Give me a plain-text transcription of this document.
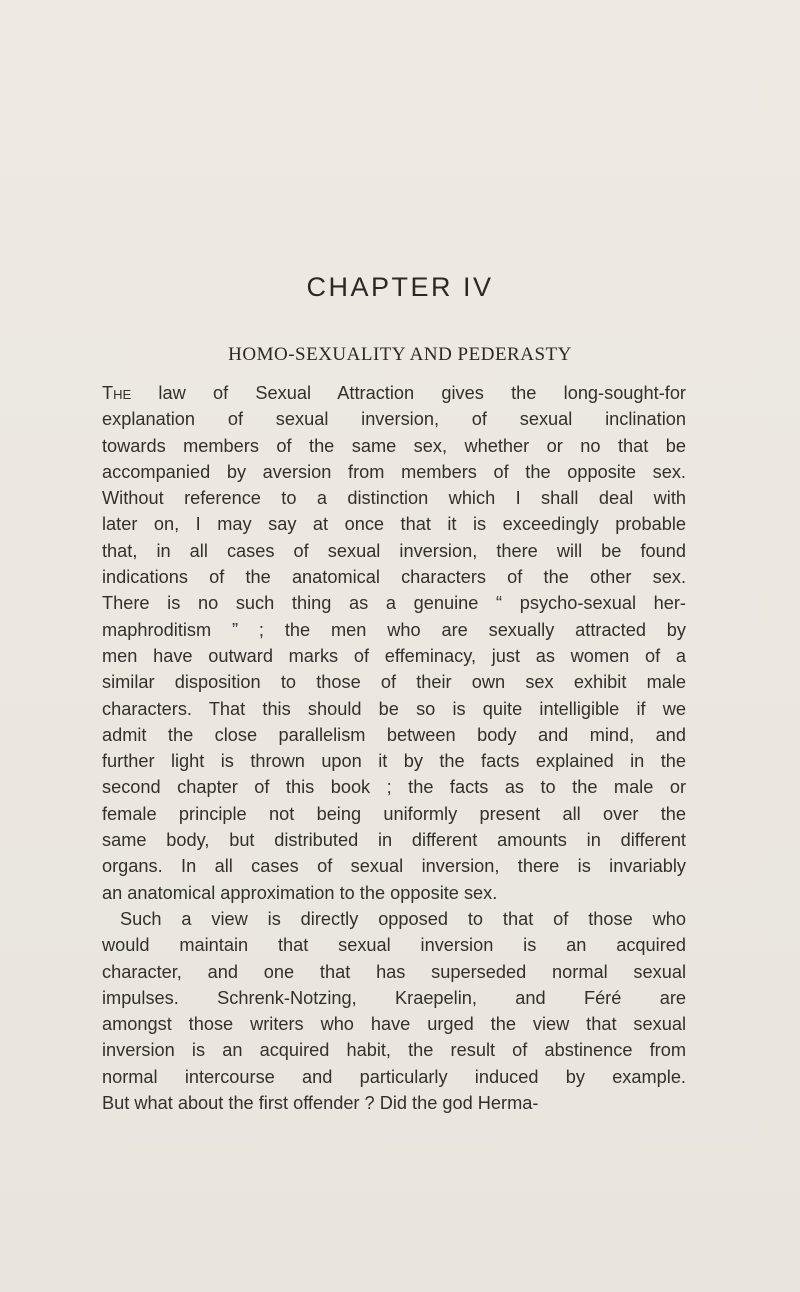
CHAPTER IV
HOMO-SEXUALITY AND PEDERASTY
The law of Sexual Attraction gives the long-sought-for
explanation of sexual inversion, of sexual inclination
towards members of the same sex, whether or no that be
accompanied by aversion from members of the opposite sex.
Without reference to a distinction which I shall deal with
later on, I may say at once that it is exceedingly probable
that, in all cases of sexual inversion, there will be found
indications of the anatomical characters of the other sex.
There is no such thing as a genuine “ psycho-sexual her-
maphroditism ” ; the men who are sexually attracted by
men have outward marks of effeminacy, just as women of a
similar disposition to those of their own sex exhibit male
characters. That this should be so is quite intelligible if we
admit the close parallelism between body and mind, and
further light is thrown upon it by the facts explained in the
second chapter of this book ; the facts as to the male or
female principle not being uniformly present all over the
same body, but distributed in different amounts in different
organs. In all cases of sexual inversion, there is invariably
an anatomical approximation to the opposite sex.
Such a view is directly opposed to that of those who
would maintain that sexual inversion is an acquired
character, and one that has superseded normal sexual
impulses. Schrenk-Notzing, Kraepelin, and Féré are
amongst those writers who have urged the view that sexual
inversion is an acquired habit, the result of abstinence from
normal intercourse and particularly induced by example.
But what about the first offender ? Did the god Herma-
